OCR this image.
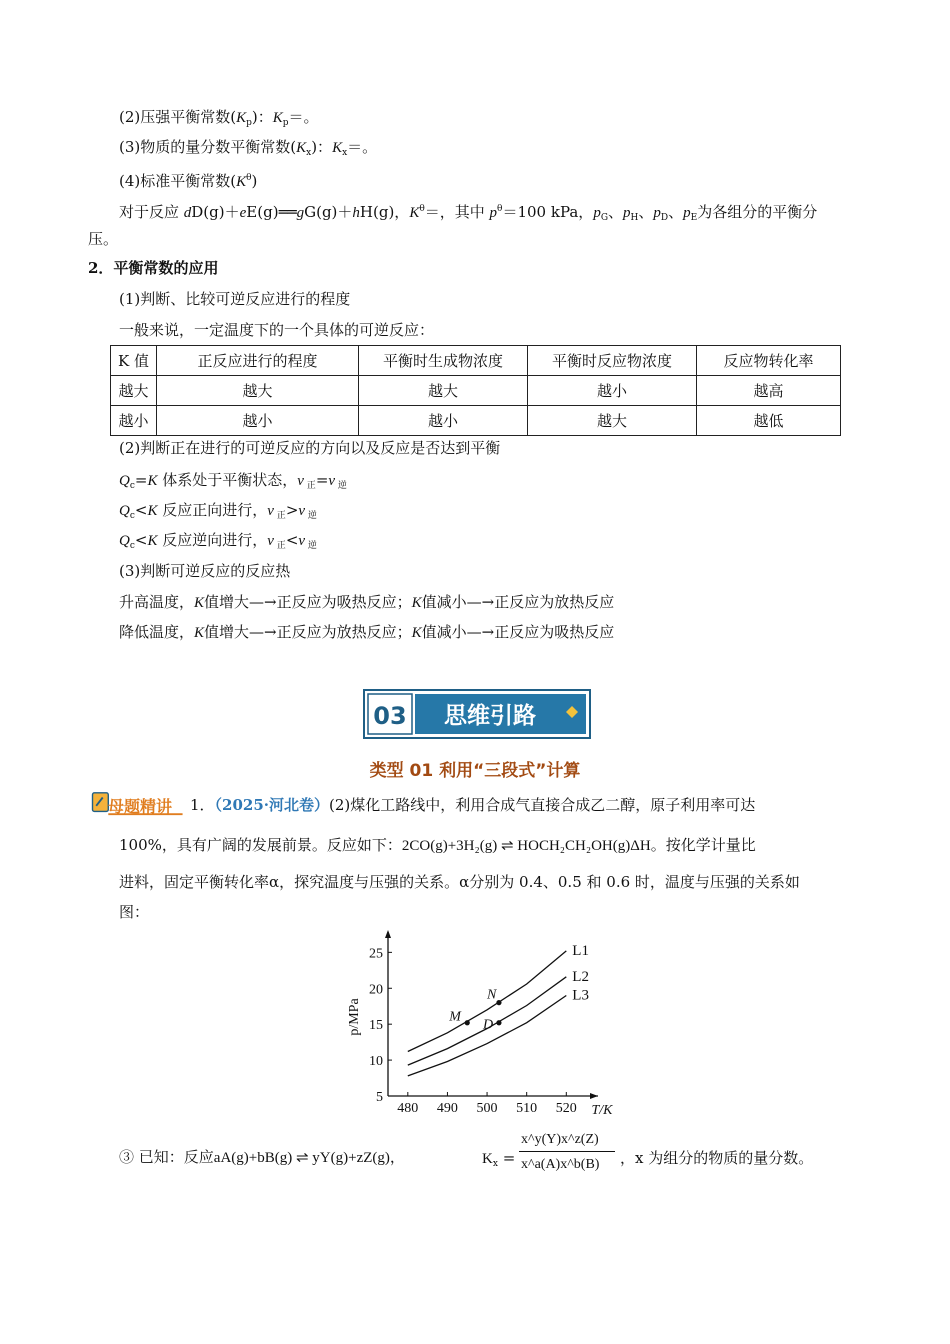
(2)压强平衡常数$(K_p)$：$K_p=$。
(3)物质的量分数平衡常数$(K_x)$：$K_x=$。
(4)标准平衡常数$(K^\theta)$
对于反应 dD(g)＋eE(g)══gG(g)＋hH(g)，$K^\theta=$，其中 $p^\theta=100$ kPa，$p_G$、$p_H$、$p_D$、$p_E$为各组分的平衡分
压。
2．平衡常数的应用
(1)判断、比较可逆反应进行的程度
一般来说，一定温度下的一个具体的可逆反应：
K 值	正反应进行的程度	平衡时生成物浓度	平衡时反应物浓度	反应物转化率
越大	越大	越大	越小	越高
越小	越小	越小	越大	越低
(2)判断正在进行的可逆反应的方向以及反应是否达到平衡
$Q_c=K$ 体系处于平衡状态，v $_正$=v $_逆$
$Q_c<K$ 反应正向进行，v $_正$>v $_逆$
$Q_c<K$ 反应逆向进行，v $_正$<v $_逆$
(3)判断可逆反应的反应热
升高温度，K值增大—→正反应为吸热反应；K值减小—→正反应为放热反应
降低温度，K值增大—→正反应为放热反应；K值减小—→正反应为吸热反应
03 思维引路
类型 01 利用“三段式”计算
母题精讲 1．（2025·河北卷）(2)煤化工路线中，利用合成气直接合成乙二醇，原子利用率可达
100%，具有广阔的发展前景。反应如下：2CO(g)+3H₂(g) ⇌ HOCH₂CH₂OH(g)ΔH。按化学计量比
进料，固定平衡转化率α，探究温度与压强的关系。α分别为 0.4、0.5 和 0.6 时，温度与压强的关系如
图：
480 490 500 510 520
5
10
15
20
25
T/K
p/MPa
L1
L2
L3
M
N
D
③ 已知：反应aA(g)+bB(g) ⇌ yY(g)+zZ(g)，	$K_x$ =
x^y(Y)x^z(Z)
x^a(A)x^b(B) ，x 为组分的物质的量分数。
